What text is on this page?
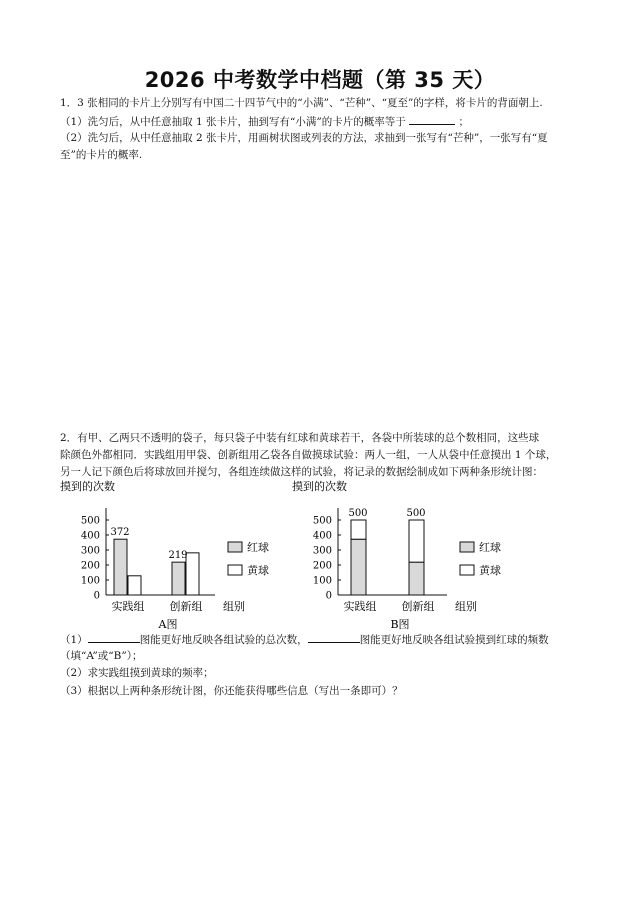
2026 中考数学中档题（第 35 天）
1．3 张相同的卡片上分别写有中国二十四节气中的“小满”、“芒种”、“夏至”的字样，将卡片的背面朝上.
（1）洗匀后，从中任意抽取 1 张卡片，抽到写有“小满”的卡片的概率等于	；
（2）洗匀后，从中任意抽取 2 张卡片，用画树状图或列表的方法，求抽到一张写有“芒种”，一张写有“夏
至”的卡片的概率.
2．有甲、乙两只不透明的袋子，每只袋子中装有红球和黄球若干，各袋中所装球的总个数相同，这些球
除颜色外都相同．实践组用甲袋、创新组用乙袋各自做摸球试验：两人一组，一人从袋中任意摸出 1 个球，
另一人记下颜色后将球放回并搅匀，各组连续做这样的试验，将记录的数据绘制成如下两种条形统计图：
摸到的次数
0
100
200
300
400
500
372
实践组
219
创新组 组别
红球
黄球
A图
摸到的次数
0
100
200
300
400
500
500
实践组
500
创新组 组别
红球
黄球
B图
（1）	图能更好地反映各组试验的总次数，	图能更好地反映各组试验摸到红球的频数
（填“A”或“B”）；
（2）求实践组摸到黄球的频率；
（3）根据以上两种条形统计图，你还能获得哪些信息（写出一条即可）？
